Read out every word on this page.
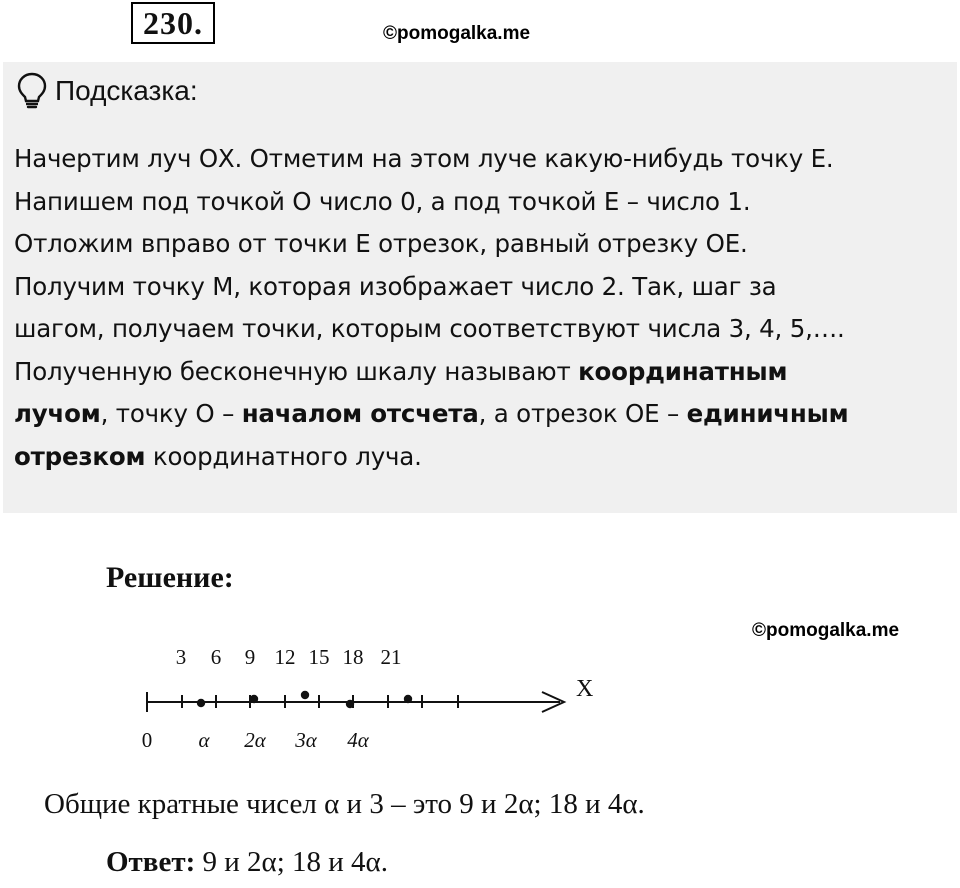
230.	©pomogalka.me
Подсказка:
Начертим луч ОХ. Отметим на этом луче какую-нибудь точку Е.
Напишем под точкой О число 0, а под точкой Е – число 1.
Отложим вправо от точки Е отрезок, равный отрезку ОЕ.
Получим точку М, которая изображает число 2. Так, шаг за
шагом, получаем точки, которым соответствуют числа 3, 4, 5,….
Полученную бесконечную шкалу называют координатным
лучом, точку О – началом отсчета, а отрезок ОЕ – единичным
отрезком координатного луча.
Решение:
©pomogalka.me
3 6 9 12 15 18 21
0 α 2α 3α 4α
X
Общие кратные чисел α и 3 – это 9 и 2α; 18 и 4α.
Ответ: 9 и 2α; 18 и 4α.
